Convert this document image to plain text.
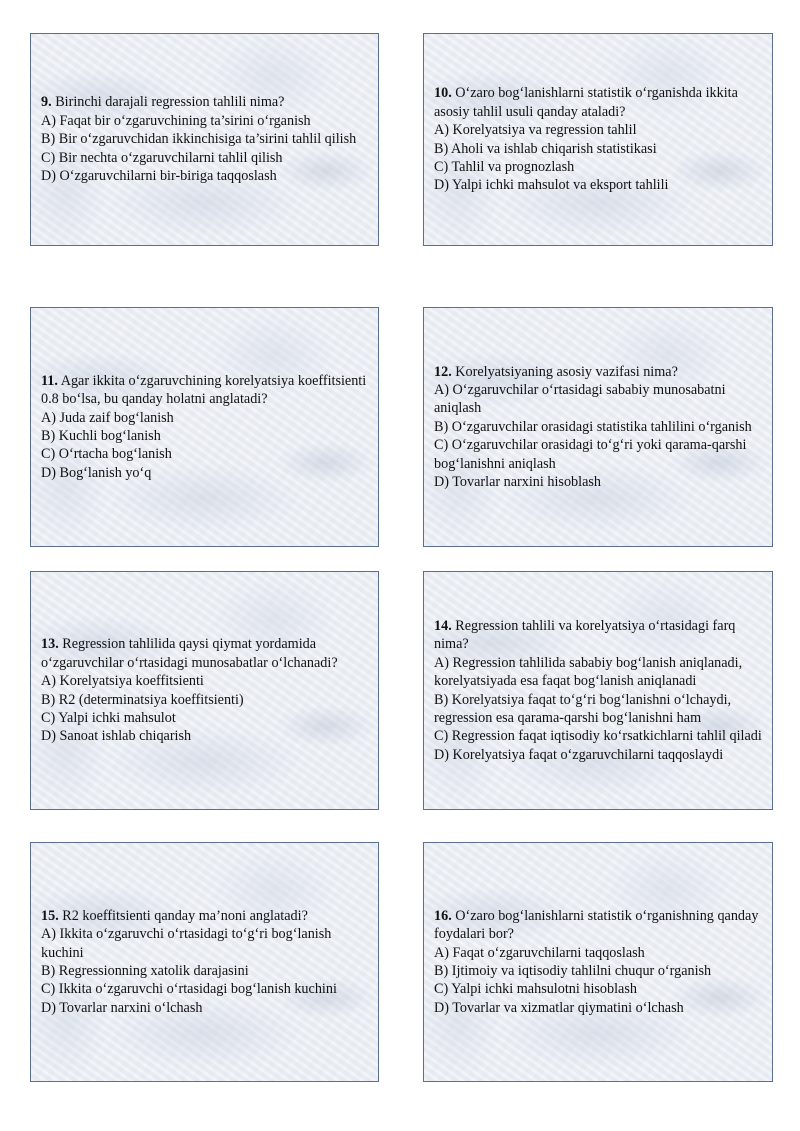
9. Birinchi darajali regression tahlili nima?

A) Faqat bir o‘zgaruvchining ta’sirini o‘rganish

B) Bir o‘zgaruvchidan ikkinchisiga ta’sirini tahlil qilish

C) Bir nechta o‘zgaruvchilarni tahlil qilish

D) O‘zgaruvchilarni bir-biriga taqqoslash

10. O‘zaro bog‘lanishlarni statistik o‘rganishda ikkita asosiy tahlil usuli qanday ataladi?

A) Korelyatsiya va regression tahlil

B) Aholi va ishlab chiqarish statistikasi

C) Tahlil va prognozlash

D) Yalpi ichki mahsulot va eksport tahlili

11. Agar ikkita o‘zgaruvchining korelyatsiya koeffitsienti 0.8 bo‘lsa, bu qanday holatni anglatadi?

A) Juda zaif bog‘lanish

B) Kuchli bog‘lanish

C) O‘rtacha bog‘lanish

D) Bog‘lanish yo‘q

12. Korelyatsiyaning asosiy vazifasi nima?

A) O‘zgaruvchilar o‘rtasidagi sababiy munosabatni aniqlash

B) O‘zgaruvchilar orasidagi statistika tahlilini o‘rganish

C) O‘zgaruvchilar orasidagi to‘g‘ri yoki qarama-qarshi bog‘lanishni aniqlash

D) Tovarlar narxini hisoblash

13. Regression tahlilida qaysi qiymat yordamida o‘zgaruvchilar o‘rtasidagi munosabatlar o‘lchanadi?

A) Korelyatsiya koeffitsienti

B) R2 (determinatsiya koeffitsienti)

C) Yalpi ichki mahsulot

D) Sanoat ishlab chiqarish

14. Regression tahlili va korelyatsiya o‘rtasidagi farq nima?

A) Regression tahlilida sababiy bog‘lanish aniqlanadi, korelyatsiyada esa faqat bog‘lanish aniqlanadi

B) Korelyatsiya faqat to‘g‘ri bog‘lanishni o‘lchaydi, regression esa qarama-qarshi bog‘lanishni ham

C) Regression faqat iqtisodiy ko‘rsatkichlarni tahlil qiladi

D) Korelyatsiya faqat o‘zgaruvchilarni taqqoslaydi

15. R2 koeffitsienti qanday ma’noni anglatadi?

A) Ikkita o‘zgaruvchi o‘rtasidagi to‘g‘ri bog‘lanish kuchini

B) Regressionning xatolik darajasini

C) Ikkita o‘zgaruvchi o‘rtasidagi bog‘lanish kuchini

D) Tovarlar narxini o‘lchash

16. O‘zaro bog‘lanishlarni statistik o‘rganishning qanday foydalari bor?

A) Faqat o‘zgaruvchilarni taqqoslash

B) Ijtimoiy va iqtisodiy tahlilni chuqur o‘rganish

C) Yalpi ichki mahsulotni hisoblash

D) Tovarlar va xizmatlar qiymatini o‘lchash
